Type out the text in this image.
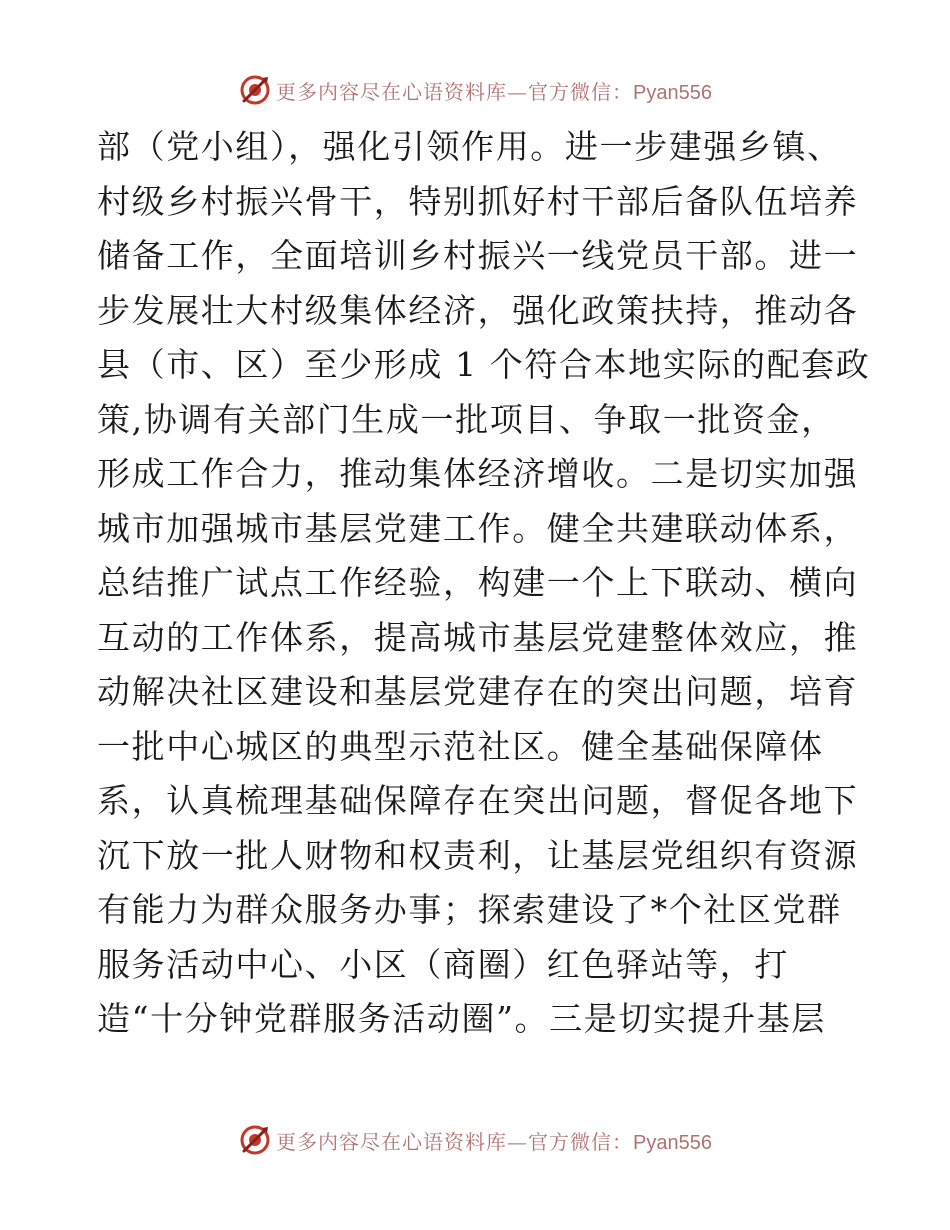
更多内容尽在心语资料库—官方微信：Pyan556
部（党小组），强化引领作用。进一步建强乡镇、
村级乡村振兴骨干，特别抓好村干部后备队伍培养
储备工作，全面培训乡村振兴一线党员干部。进一
步发展壮大村级集体经济，强化政策扶持，推动各
县（市、区）至少形成 1 个符合本地实际的配套政
策,协调有关部门生成一批项目、争取一批资金，
形成工作合力，推动集体经济增收。二是切实加强
城市加强城市基层党建工作。健全共建联动体系，
总结推广试点工作经验，构建一个上下联动、横向
互动的工作体系，提高城市基层党建整体效应，推
动解决社区建设和基层党建存在的突出问题，培育
一批中心城区的典型示范社区。健全基础保障体
系，认真梳理基础保障存在突出问题，督促各地下
沉下放一批人财物和权责利，让基层党组织有资源
有能力为群众服务办事；探索建设了*个社区党群
服务活动中心、小区（商圈）红色驿站等，打
造“十分钟党群服务活动圈”。三是切实提升基层
更多内容尽在心语资料库—官方微信：Pyan556
